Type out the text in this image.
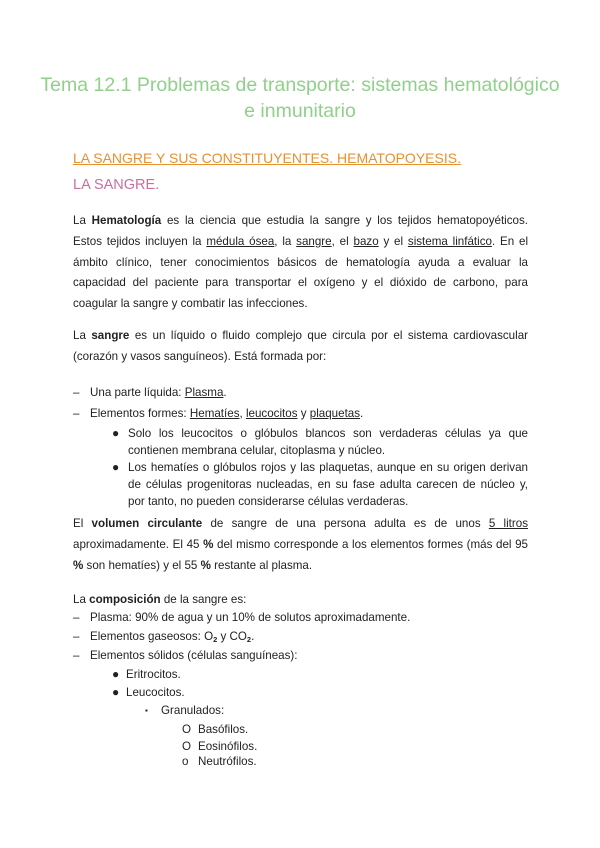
Tema 12.1 Problemas de transporte: sistemas hematológico e inmunitario
LA SANGRE Y SUS CONSTITUYENTES. HEMATOPOYESIS.
LA SANGRE.

La Hematología es la ciencia que estudia la sangre y los tejidos hematopoyéticos. Estos tejidos incluyen la médula ósea, la sangre, el bazo y el sistema linfático. En el ámbito clínico, tener conocimientos básicos de hematología ayuda a evaluar la capacidad del paciente para transportar el oxígeno y el dióxido de carbono, para coagular la sangre y combatir las infecciones.

La sangre es un líquido o fluido complejo que circula por el sistema cardiovascular (corazón y vasos sanguíneos). Está formada por:

– Una parte líquida: Plasma.
– Elementos formes: Hematíes, leucocitos y plaquetas.
● Solo los leucocitos o glóbulos blancos son verdaderas células ya que contienen membrana celular, citoplasma y núcleo.
● Los hematíes o glóbulos rojos y las plaquetas, aunque en su origen derivan de células progenitoras nucleadas, en su fase adulta carecen de núcleo y, por tanto, no pueden considerarse células verdaderas.

El volumen circulante de sangre de una persona adulta es de unos 5 litros aproximadamente. El 45 % del mismo corresponde a los elementos formes (más del 95 % son hematíes) y el 55 % restante al plasma.

La composición de la sangre es:

– Plasma: 90% de agua y un 10% de solutos aproximadamente.
– Elementos gaseosos: $O_2$ y $CO_2$.
– Elementos sólidos (células sanguíneas):
● Eritrocitos.
● Leucocitos.
▪ Granulados:
O Basófilos.
O Eosinófilos.
o Neutrófilos.
